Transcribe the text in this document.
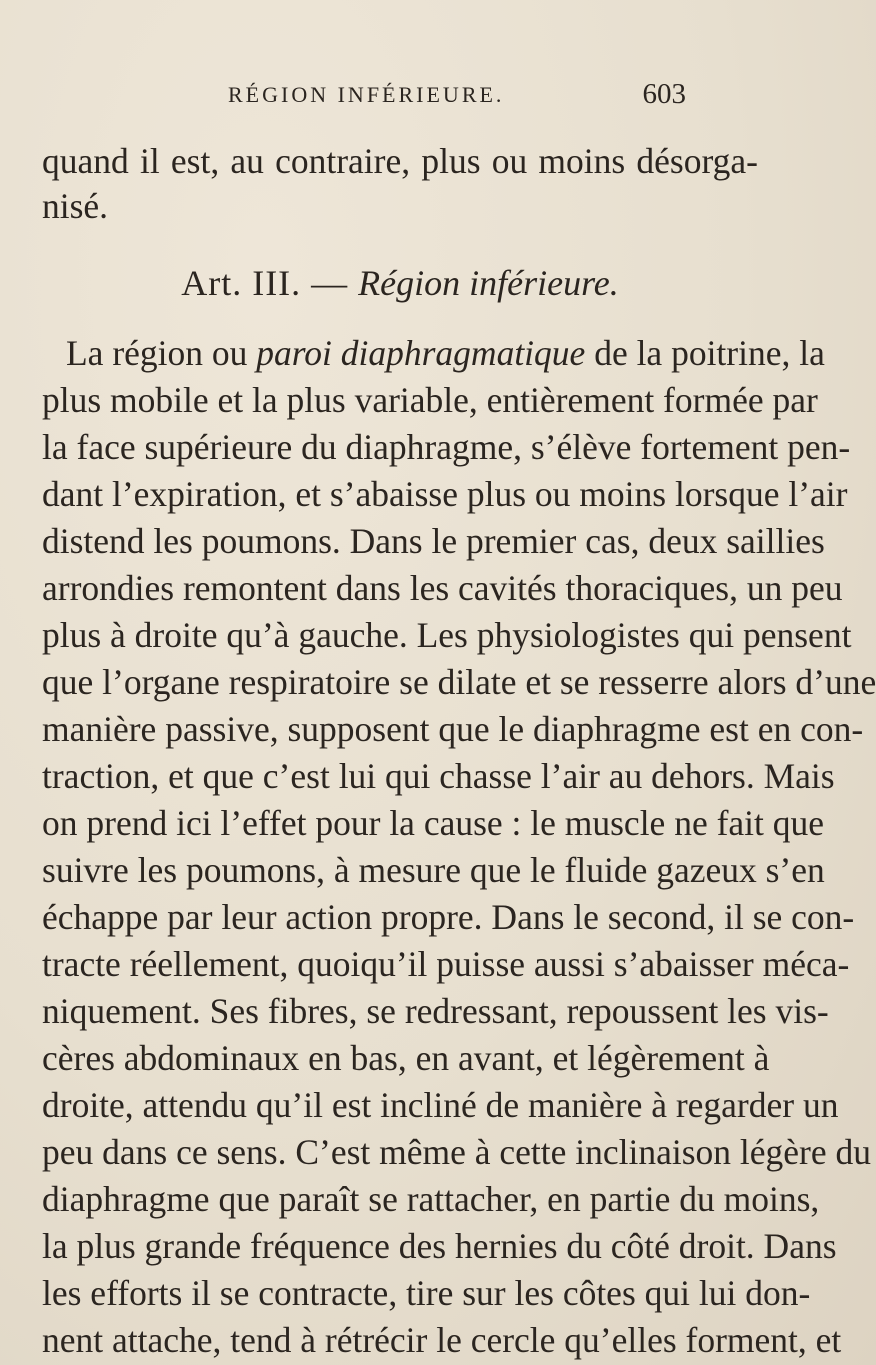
RÉGION INFÉRIEURE.	603
quand il est, au contraire, plus ou moins désorga-
nisé.
Art. III. — Région inférieure.
La région ou paroi diaphragmatique de la poitrine, la
plus mobile et la plus variable, entièrement formée par
la face supérieure du diaphragme, s’élève fortement pen-
dant l’expiration, et s’abaisse plus ou moins lorsque l’air
distend les poumons. Dans le premier cas, deux saillies
arrondies remontent dans les cavités thoraciques, un peu
plus à droite qu’à gauche. Les physiologistes qui pensent
que l’organe respiratoire se dilate et se resserre alors d’une
manière passive, supposent que le diaphragme est en con-
traction, et que c’est lui qui chasse l’air au dehors. Mais
on prend ici l’effet pour la cause : le muscle ne fait que
suivre les poumons, à mesure que le fluide gazeux s’en
échappe par leur action propre. Dans le second, il se con-
tracte réellement, quoiqu’il puisse aussi s’abaisser méca-
niquement. Ses fibres, se redressant, repoussent les vis-
cères abdominaux en bas, en avant, et légèrement à
droite, attendu qu’il est incliné de manière à regarder un
peu dans ce sens. C’est même à cette inclinaison légère du
diaphragme que paraît se rattacher, en partie du moins,
la plus grande fréquence des hernies du côté droit. Dans
les efforts il se contracte, tire sur les côtes qui lui don-
nent attache, tend à rétrécir le cercle qu’elles forment, et
